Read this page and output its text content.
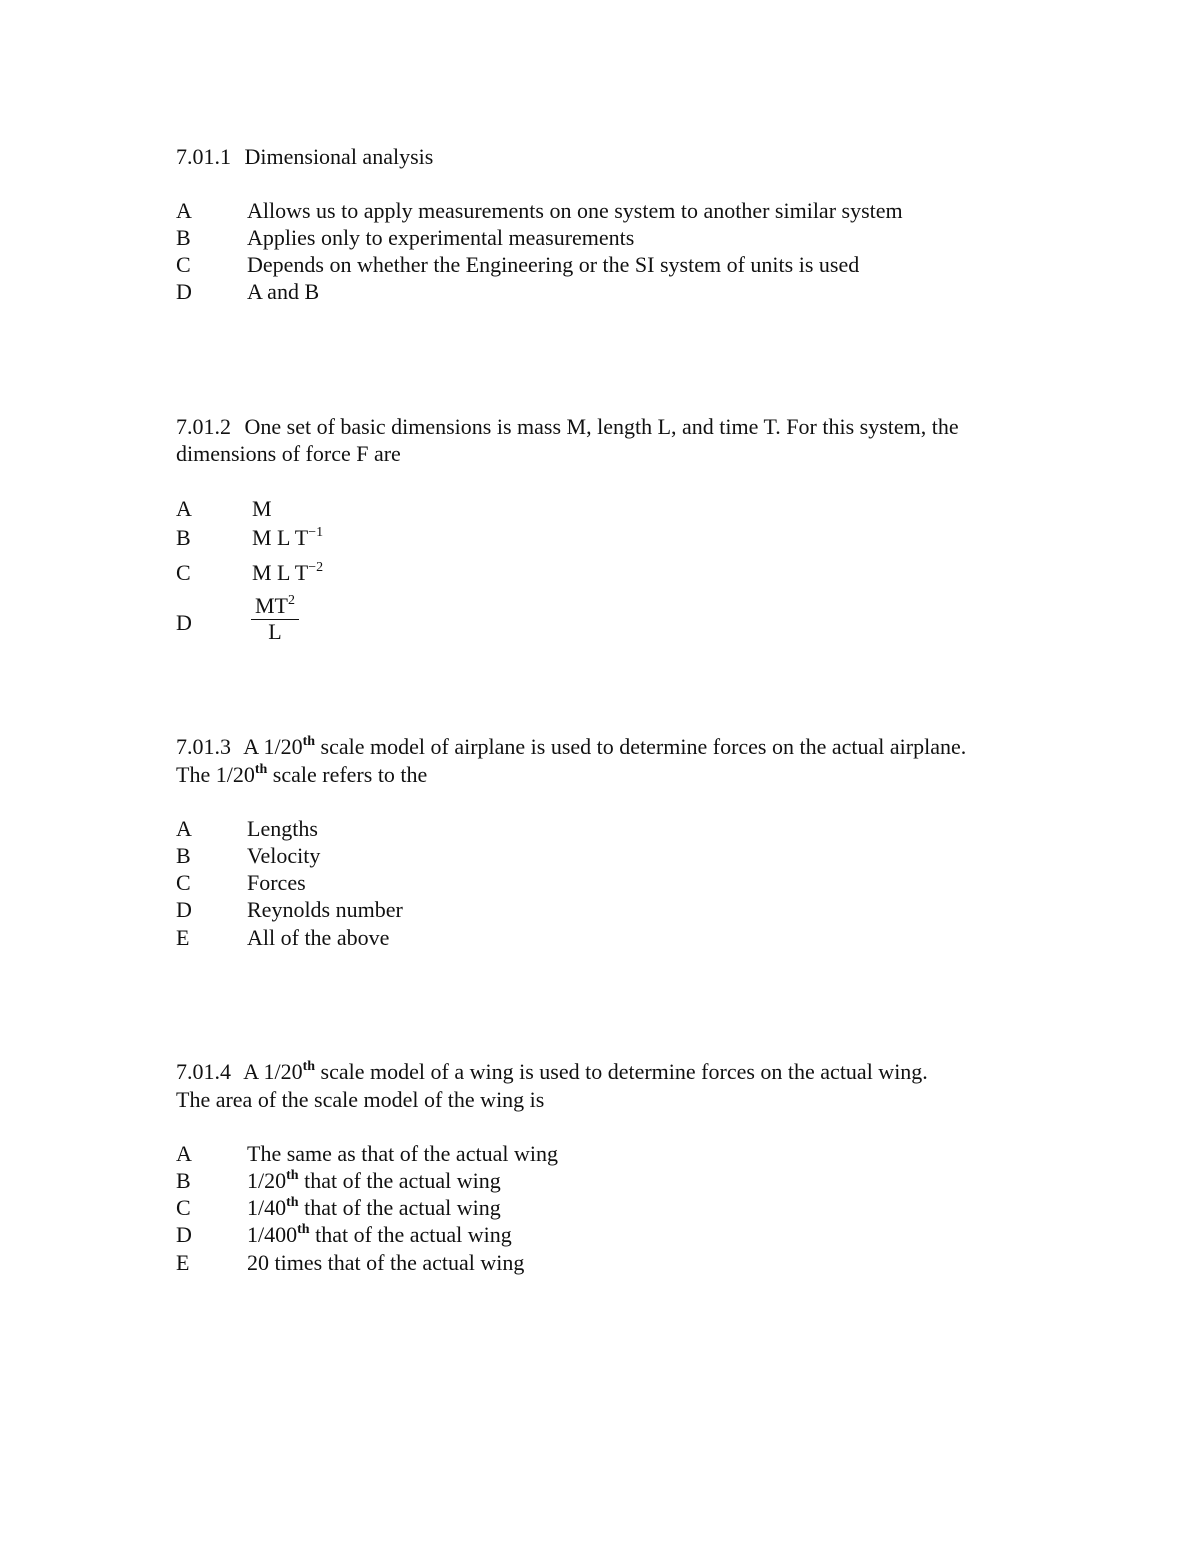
7.01.1 Dimensional analysis
A	Allows us to apply measurements on one system to another similar system
B	Applies only to experimental measurements
C	Depends on whether the Engineering or the SI system of units is used
D	A and B
7.01.2 One set of basic dimensions is mass M, length L, and time T. For this system, the
dimensions of force F are
A	M
B	M L $T^{-1}$
C	M L $T^{-2}$
D	$\frac{MT^2}{L}$
7.01.3 A 1/20th scale model of airplane is used to determine forces on the actual airplane.
The 1/20th scale refers to the
A	Lengths
B	Velocity
C	Forces
D	Reynolds number
E	All of the above
7.01.4 A 1/20th scale model of a wing is used to determine forces on the actual wing.
The area of the scale model of the wing is
A	The same as that of the actual wing
B	1/20th that of the actual wing
C	1/40th that of the actual wing
D	1/400th that of the actual wing
E	20 times that of the actual wing
